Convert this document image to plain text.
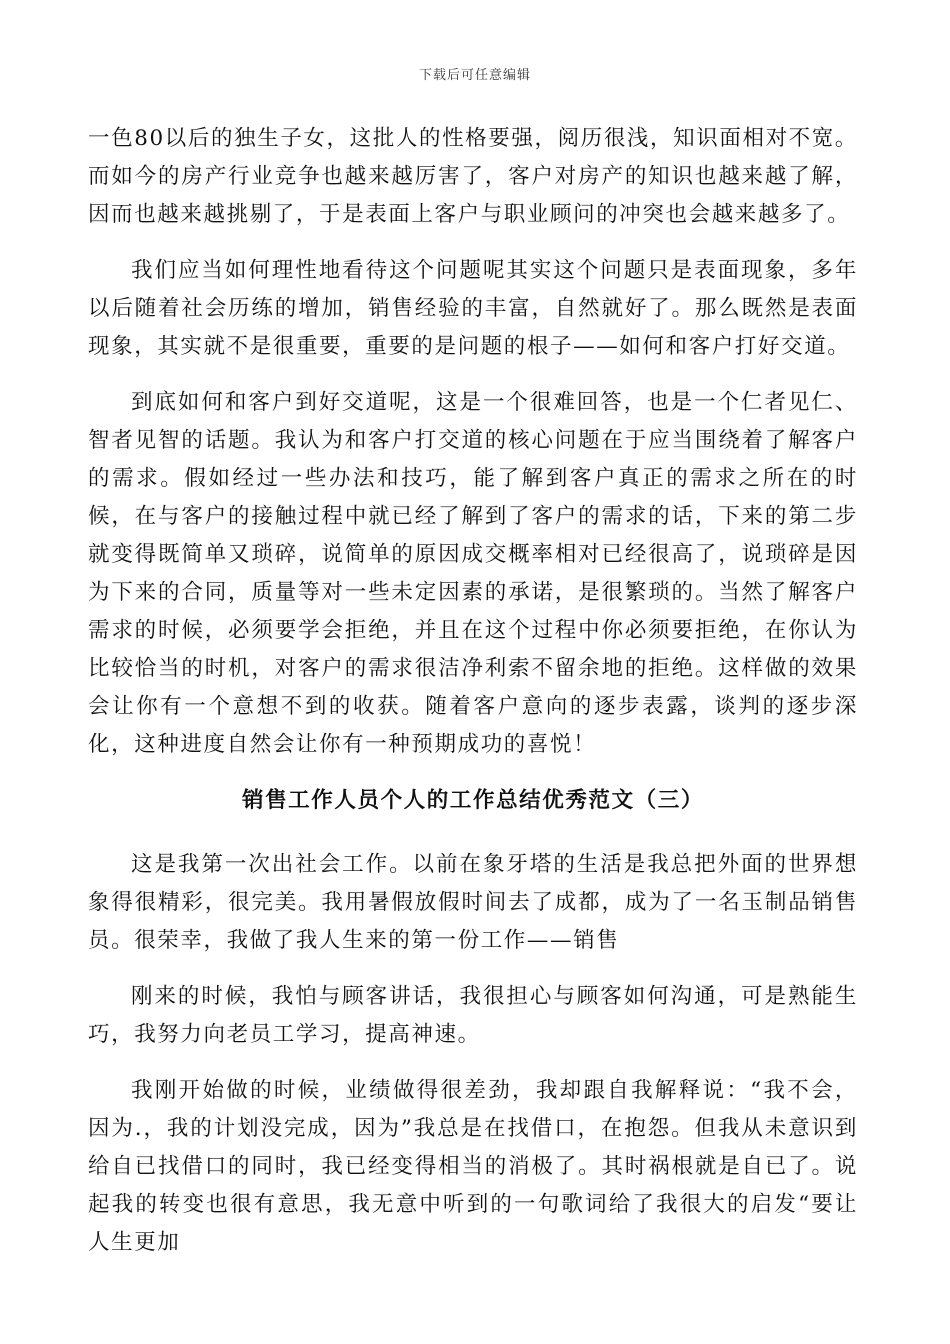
下载后可任意编辑

一色80以后的独生子女，这批人的性格要强，阅历很浅，知识面相对不宽。而如今的房产行业竞争也越来越厉害了，客户对房产的知识也越来越了解，因而也越来越挑剔了，于是表面上客户与职业顾问的冲突也会越来越多了。

我们应当如何理性地看待这个问题呢其实这个问题只是表面现象，多年以后随着社会历练的增加，销售经验的丰富，自然就好了。那么既然是表面现象，其实就不是很重要，重要的是问题的根子——如何和客户打好交道。

到底如何和客户到好交道呢，这是一个很难回答，也是一个仁者见仁、智者见智的话题。我认为和客户打交道的核心问题在于应当围绕着了解客户的需求。假如经过一些办法和技巧，能了解到客户真正的需求之所在的时候，在与客户的接触过程中就已经了解到了客户的需求的话，下来的第二步就变得既简单又琐碎，说简单的原因成交概率相对已经很高了，说琐碎是因为下来的合同，质量等对一些未定因素的承诺，是很繁琐的。当然了解客户需求的时候，必须要学会拒绝，并且在这个过程中你必须要拒绝，在你认为比较恰当的时机，对客户的需求很洁净利索不留余地的拒绝。这样做的效果会让你有一个意想不到的收获。随着客户意向的逐步表露，谈判的逐步深化，这种进度自然会让你有一种预期成功的喜悦！

销售工作人员个人的工作总结优秀范文（三）

这是我第一次出社会工作。以前在象牙塔的生活是我总把外面的世界想象得很精彩，很完美。我用暑假放假时间去了成都，成为了一名玉制品销售员。很荣幸，我做了我人生来的第一份工作——销售

刚来的时候，我怕与顾客讲话，我很担心与顾客如何沟通，可是熟能生巧，我努力向老员工学习，提高神速。

我刚开始做的时候，业绩做得很差劲，我却跟自我解释说：“我不会，因为.，我的计划没完成，因为”我总是在找借口，在抱怨。但我从未意识到给自已找借口的同时，我已经变得相当的消极了。其时祸根就是自已了。说起我的转变也很有意思，我无意中听到的一句歌词给了我很大的启发“要让人生更加
